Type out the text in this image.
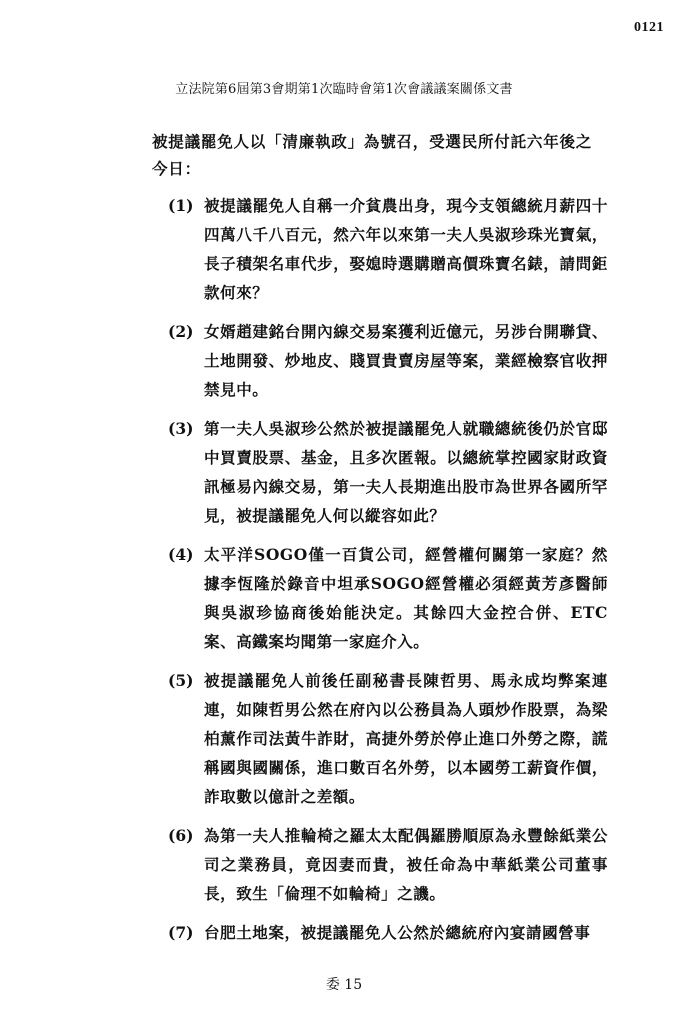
0121
立法院第6屆第3會期第1次臨時會第1次會議議案關係文書
被提議罷免人以「清廉執政」為號召，受選民所付託六年後之今日：
(1) 被提議罷免人自稱一介貧農出身，現今支領總統月薪四十四萬八千八百元，然六年以來第一夫人吳淑珍珠光寶氣，長子積架名車代步，娶媳時選購贈高價珠寶名錶，請問鉅款何來？
(2) 女婿趙建銘台開內線交易案獲利近億元，另涉台開聯貸、土地開發、炒地皮、賤買貴賣房屋等案，業經檢察官收押禁見中。
(3) 第一夫人吳淑珍公然於被提議罷免人就職總統後仍於官邸中買賣股票、基金，且多次匿報。以總統掌控國家財政資訊極易內線交易，第一夫人長期進出股市為世界各國所罕見，被提議罷免人何以縱容如此？
(4) 太平洋SOGO僅一百貨公司，經營權何關第一家庭？然據李恆隆於錄音中坦承SOGO經營權必須經黃芳彥醫師與吳淑珍協商後始能決定。其餘四大金控合併、ETC案、高鐵案均聞第一家庭介入。
(5) 被提議罷免人前後任副秘書長陳哲男、馬永成均弊案連連，如陳哲男公然在府內以公務員為人頭炒作股票，為梁柏薰作司法黃牛詐財，高捷外勞於停止進口外勞之際，謊稱國與國關係，進口數百名外勞，以本國勞工薪資作價，詐取數以億計之差額。
(6) 為第一夫人推輪椅之羅太太配偶羅勝順原為永豐餘紙業公司之業務員，竟因妻而貴，被任命為中華紙業公司董事長，致生「倫理不如輪椅」之譏。
(7) 台肥土地案，被提議罷免人公然於總統府內宴請國營事
委 15
